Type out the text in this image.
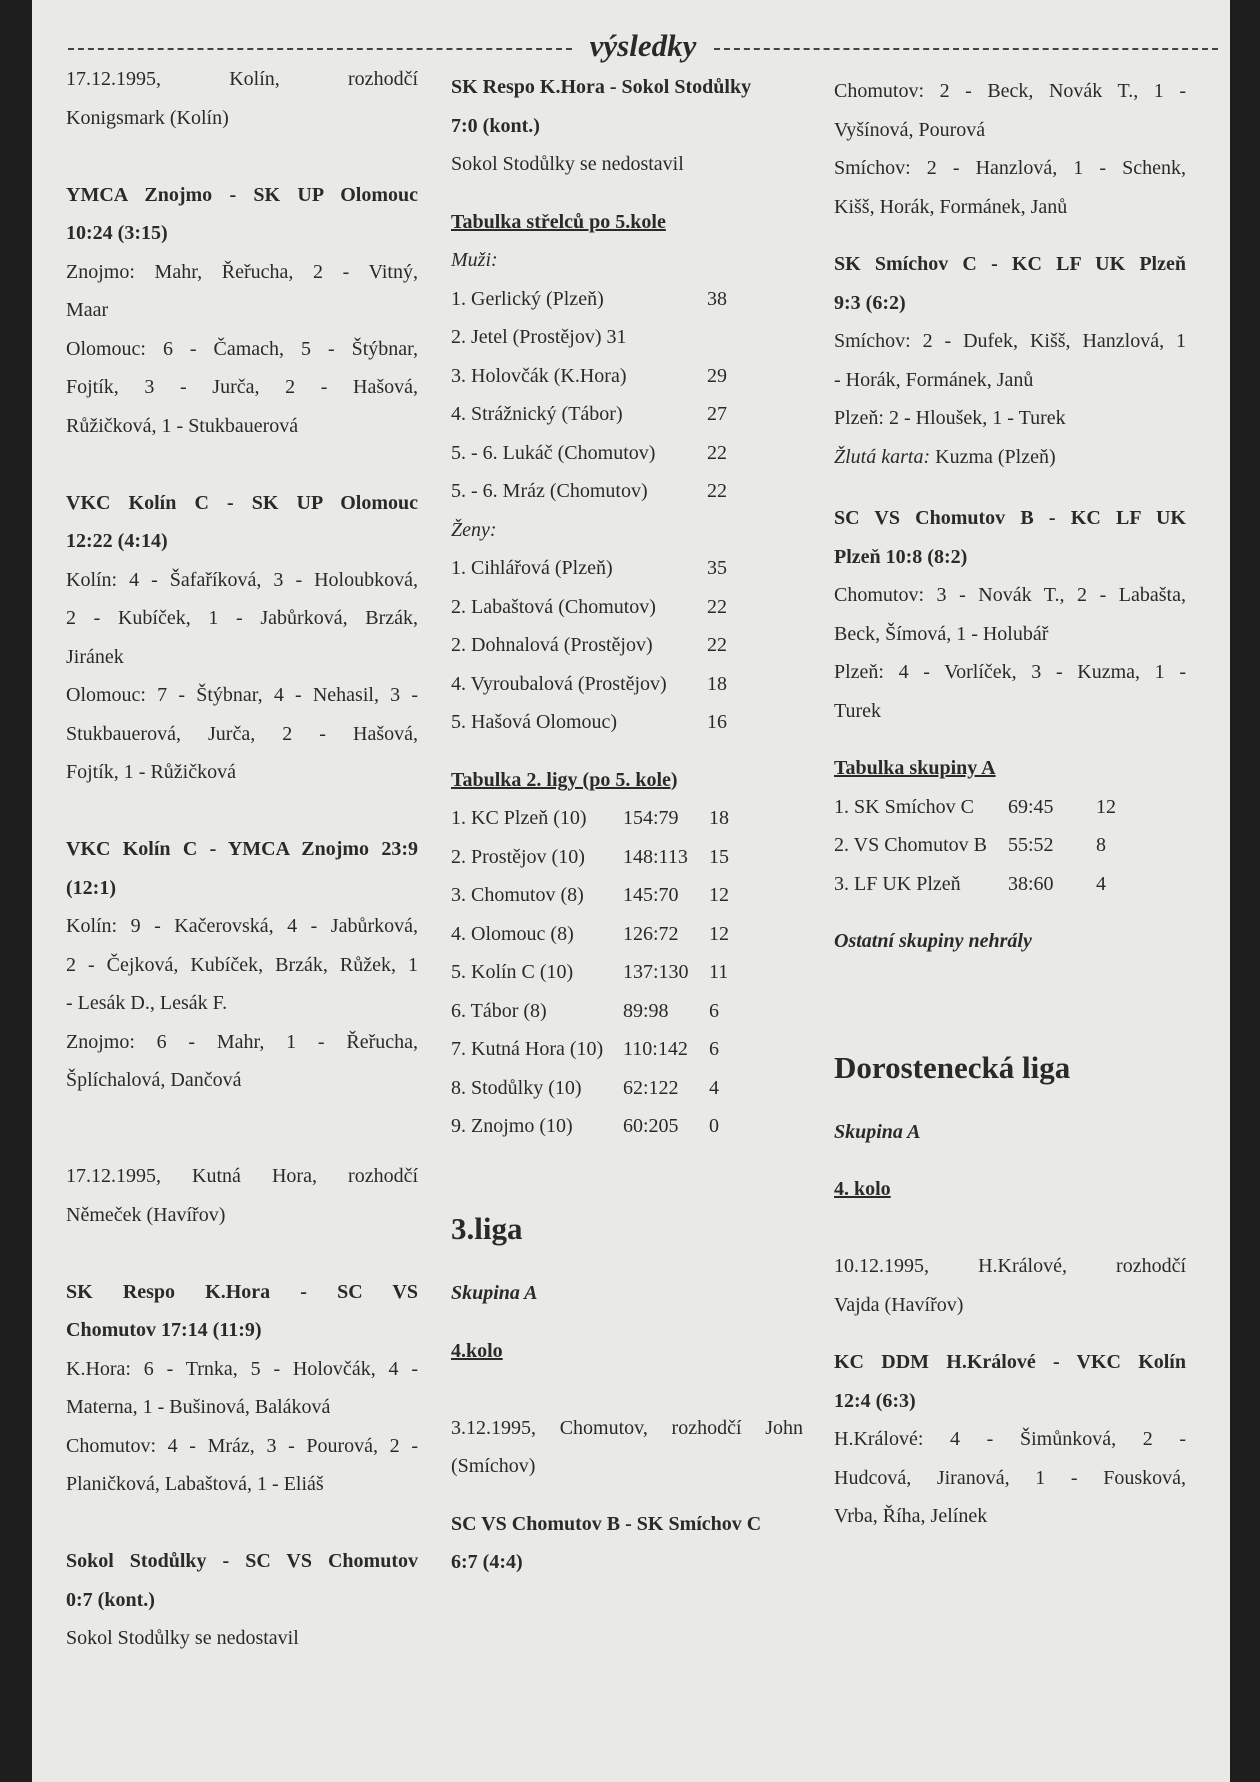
výsledky

17.12.1995, Kolín, rozhodčí

Konigsmark (Kolín)

YMCA Znojmo - SK UP Olomouc

10:24 (3:15)

Znojmo: Mahr, Řeřucha, 2 - Vitný,

Maar

Olomouc: 6 - Čamach, 5 - Štýbnar,

Fojtík, 3 - Jurča, 2 - Hašová,

Růžičková, 1 - Stukbauerová

VKC Kolín C - SK UP Olomouc

12:22 (4:14)

Kolín: 4 - Šafaříková, 3 - Holoubková,

2 - Kubíček, 1 - Jabůrková, Brzák,

Jiránek

Olomouc: 7 - Štýbnar, 4 - Nehasil, 3 -

Stukbauerová, Jurča, 2 - Hašová,

Fojtík, 1 - Růžičková

VKC Kolín C - YMCA Znojmo 23:9

(12:1)

Kolín: 9 - Kačerovská, 4 - Jabůrková,

2 - Čejková, Kubíček, Brzák, Růžek, 1

- Lesák D., Lesák F.

Znojmo: 6 - Mahr, 1 - Řeřucha,

Šplíchalová, Dančová

17.12.1995, Kutná Hora, rozhodčí

Němeček (Havířov)

SK Respo K.Hora - SC VS

Chomutov 17:14 (11:9)

K.Hora: 6 - Trnka, 5 - Holovčák, 4 -

Materna, 1 - Bušinová, Baláková

Chomutov: 4 - Mráz, 3 - Pourová, 2 -

Planičková, Labaštová, 1 - Eliáš

Sokol Stodůlky - SC VS Chomutov

0:7 (kont.)

Sokol Stodůlky se nedostavil

SK Respo K.Hora - Sokol Stodůlky

7:0 (kont.)

Sokol Stodůlky se nedostavil

Tabulka střelců po 5.kole

Muži:

1. Gerlický (Plzeň)	38
2. Jetel (Prostějov) 31
3. Holovčák (K.Hora)	29
4. Strážnický (Tábor)	27
5. - 6. Lukáč (Chomutov)	22
5. - 6. Mráz (Chomutov)	22

Ženy:

1. Cihlářová (Plzeň)	35
2. Labaštová (Chomutov)	22
2. Dohnalová (Prostějov)	22
4. Vyroubalová (Prostějov)	18
5. Hašová Olomouc)	16

Tabulka 2. ligy (po 5. kole)

1. KC Plzeň (10)	154:79	18
2. Prostějov (10)	148:113	15
3. Chomutov (8)	145:70	12
4. Olomouc (8)	126:72	12
5. Kolín C (10)	137:130	11
6. Tábor (8)	89:98	6
7. Kutná Hora (10) 110:142	6
8. Stodůlky (10)	62:122	4
9. Znojmo (10)	60:205	0

3.liga

Skupina A

4.kolo

3.12.1995, Chomutov, rozhodčí John

(Smíchov)

SC VS Chomutov B - SK Smíchov C

6:7 (4:4)

Chomutov: 2 - Beck, Novák T., 1 -

Vyšínová, Pourová

Smíchov: 2 - Hanzlová, 1 - Schenk,

Kišš, Horák, Formánek, Janů

SK Smíchov C - KC LF UK Plzeň

9:3 (6:2)

Smíchov: 2 - Dufek, Kišš, Hanzlová, 1

- Horák, Formánek, Janů

Plzeň: 2 - Hloušek, 1 - Turek

Žlutá karta: Kuzma (Plzeň)

SC VS Chomutov B - KC LF UK

Plzeň 10:8 (8:2)

Chomutov: 3 - Novák T., 2 - Labašta,

Beck, Šímová, 1 - Holubář

Plzeň: 4 - Vorlíček, 3 - Kuzma, 1 -

Turek

Tabulka skupiny A

1. SK Smíchov C	69:45	12
2. VS Chomutov B	55:52	8
3. LF UK Plzeň	38:60	4

Ostatní skupiny nehrály

Dorostenecká liga

Skupina A

4. kolo

10.12.1995, H.Králové, rozhodčí

Vajda (Havířov)

KC DDM H.Králové - VKC Kolín

12:4 (6:3)

H.Králové: 4 - Šimůnková, 2 -

Hudcová, Jiranová, 1 - Fousková,

Vrba, Říha, Jelínek
